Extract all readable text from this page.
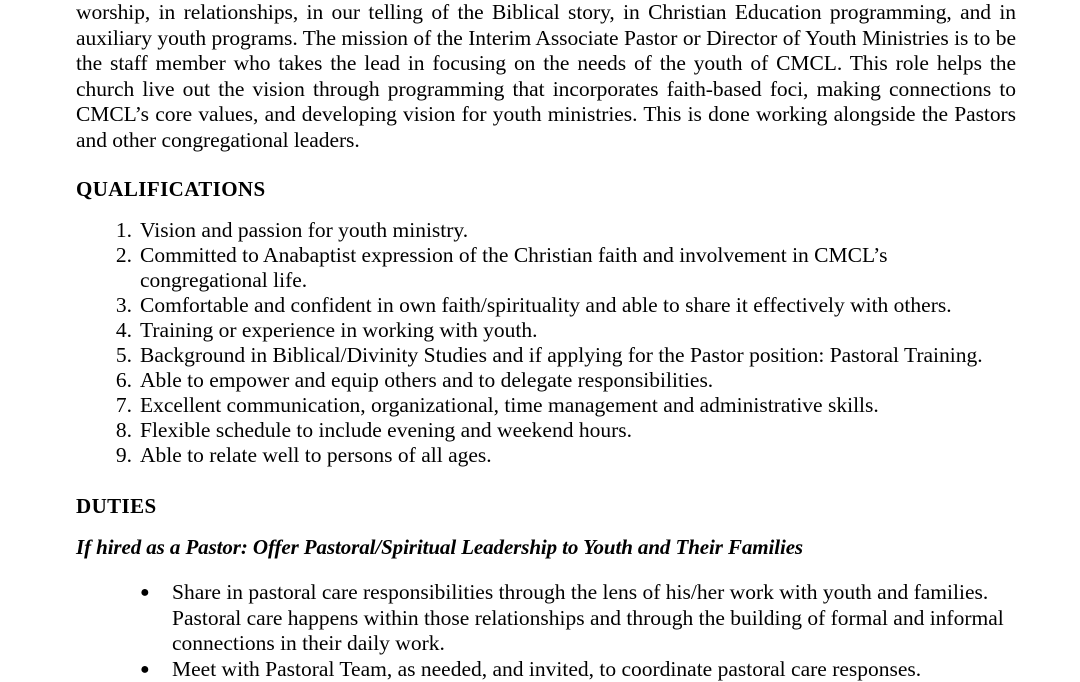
worship, in relationships, in our telling of the Biblical story, in Christian Education programming, and in auxiliary youth programs. The mission of the Interim Associate Pastor or Director of Youth Ministries is to be the staff member who takes the lead in focusing on the needs of the youth of CMCL. This role helps the church live out the vision through programming that incorporates faith-based foci, making connections to CMCL’s core values, and developing vision for youth ministries. This is done working alongside the Pastors and other congregational leaders.

QUALIFICATIONS
1. Vision and passion for youth ministry.
2. Committed to Anabaptist expression of the Christian faith and involvement in CMCL’s congregational life.
3. Comfortable and confident in own faith/spirituality and able to share it effectively with others.
4. Training or experience in working with youth.
5. Background in Biblical/Divinity Studies and if applying for the Pastor position: Pastoral Training.
6. Able to empower and equip others and to delegate responsibilities.
7. Excellent communication, organizational, time management and administrative skills.
8. Flexible schedule to include evening and weekend hours.
9. Able to relate well to persons of all ages.
DUTIES
If hired as a Pastor: Offer Pastoral/Spiritual Leadership to Youth and Their Families
● Share in pastoral care responsibilities through the lens of his/her work with youth and families. Pastoral care happens within those relationships and through the building of formal and informal connections in their daily work.
● Meet with Pastoral Team, as needed, and invited, to coordinate pastoral care responses.
